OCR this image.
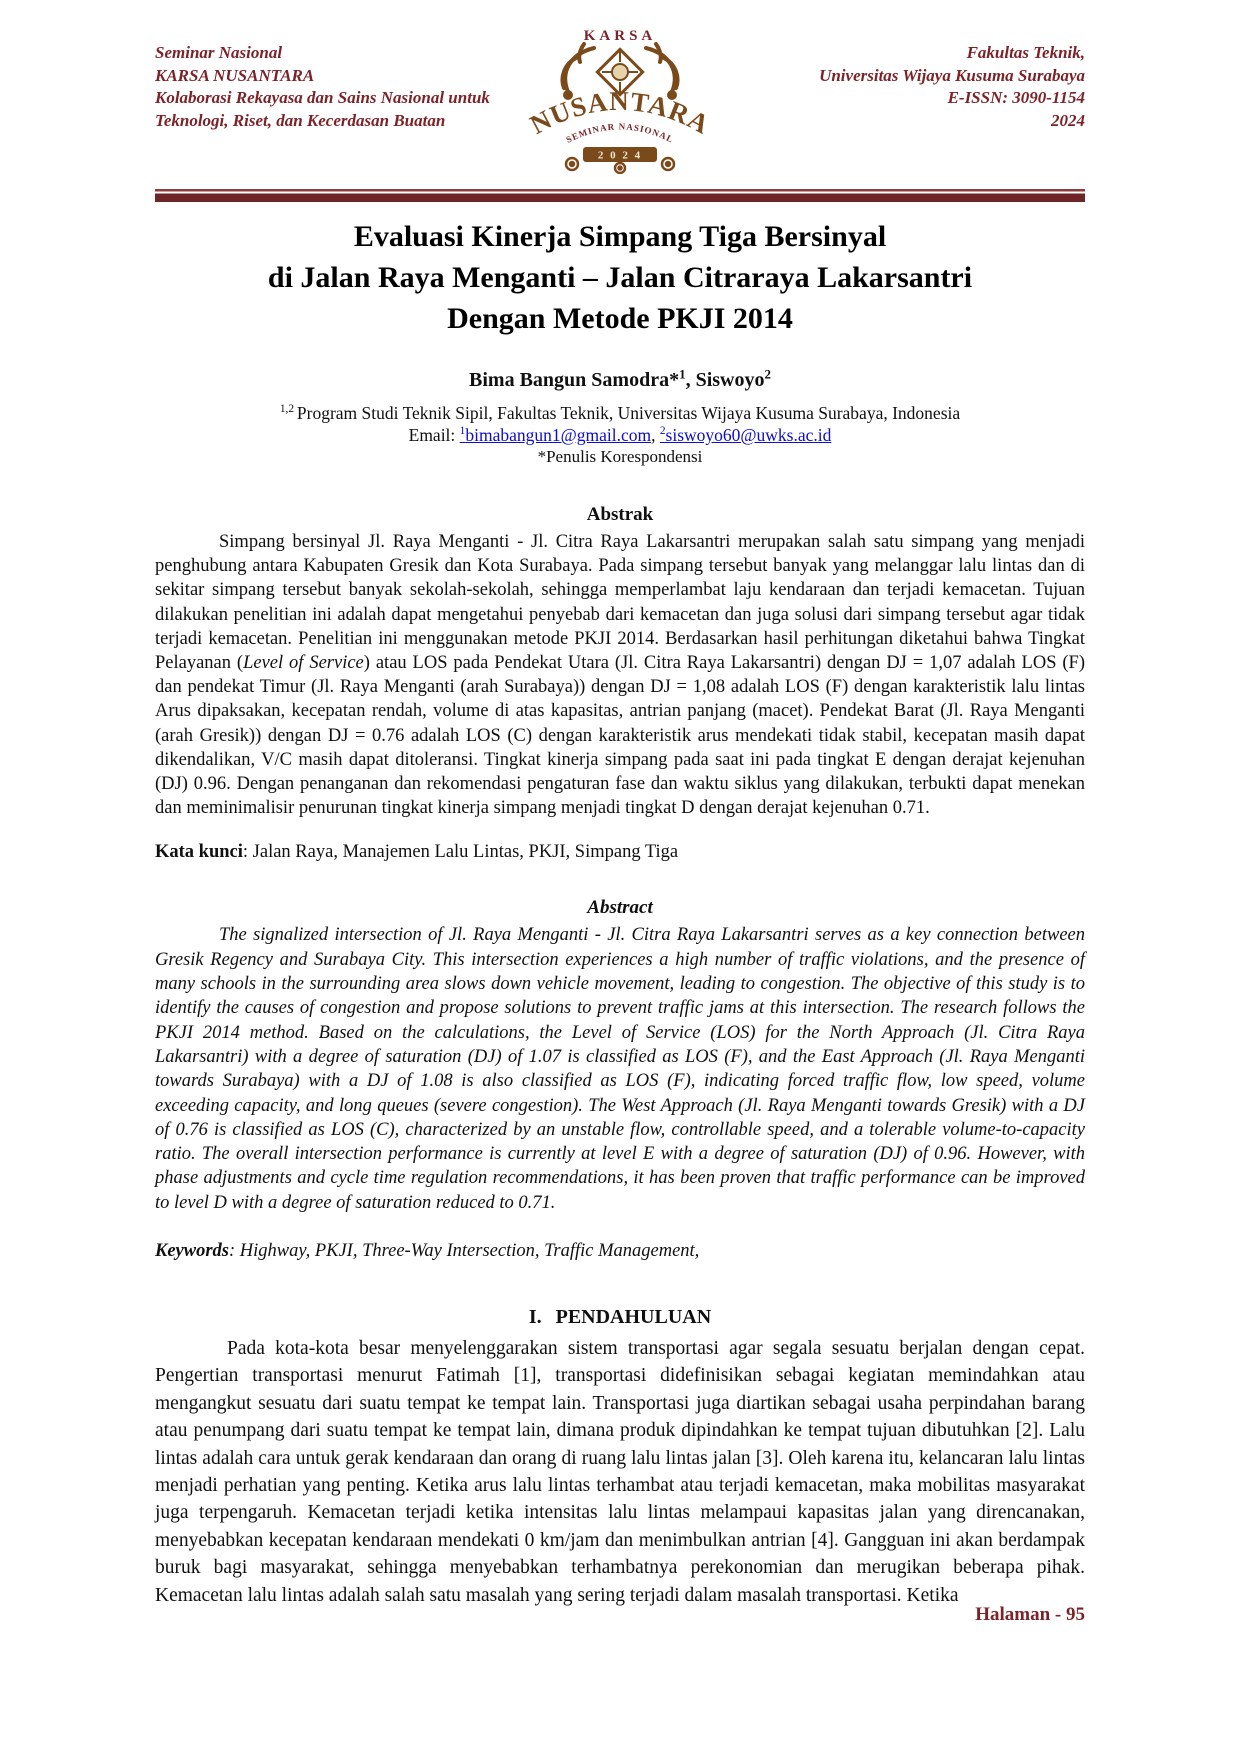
Seminar Nasional
KARSA NUSANTARA
Kolaborasi Rekayasa dan Sains Nasional untuk
Teknologi, Riset, dan Kecerdasan Buatan
KARSA
NUSANTARA
SEMINAR NASIONAL
2 0 2 4
Fakultas Teknik,
Universitas Wijaya Kusuma Surabaya
E-ISSN: 3090-1154
2024
Evaluasi Kinerja Simpang Tiga Bersinyal
di Jalan Raya Menganti – Jalan Citraraya Lakarsantri
Dengan Metode PKJI 2014
Bima Bangun Samodra*$^1$, Siswoyo$^2$
$^{1,2}$ Program Studi Teknik Sipil, Fakultas Teknik, Universitas Wijaya Kusuma Surabaya, Indonesia
Email: $^1$bimabangun1@gmail.com, $^2$siswoyo60@uwks.ac.id
*Penulis Korespondensi
Abstrak

Simpang bersinyal Jl. Raya Menganti - Jl. Citra Raya Lakarsantri merupakan salah satu simpang yang menjadi penghubung antara Kabupaten Gresik dan Kota Surabaya. Pada simpang tersebut banyak yang melanggar lalu lintas dan di sekitar simpang tersebut banyak sekolah-sekolah, sehingga memperlambat laju kendaraan dan terjadi kemacetan. Tujuan dilakukan penelitian ini adalah dapat mengetahui penyebab dari kemacetan dan juga solusi dari simpang tersebut agar tidak terjadi kemacetan. Penelitian ini menggunakan metode PKJI 2014. Berdasarkan hasil perhitungan diketahui bahwa Tingkat Pelayanan (Level of Service) atau LOS pada Pendekat Utara (Jl. Citra Raya Lakarsantri) dengan DJ = 1,07 adalah LOS (F) dan pendekat Timur (Jl. Raya Menganti (arah Surabaya)) dengan DJ = 1,08 adalah LOS (F) dengan karakteristik lalu lintas Arus dipaksakan, kecepatan rendah, volume di atas kapasitas, antrian panjang (macet). Pendekat Barat (Jl. Raya Menganti (arah Gresik)) dengan DJ = 0.76 adalah LOS (C) dengan karakteristik arus mendekati tidak stabil, kecepatan masih dapat dikendalikan, V/C masih dapat ditoleransi. Tingkat kinerja simpang pada saat ini pada tingkat E dengan derajat kejenuhan (DJ) 0.96. Dengan penanganan dan rekomendasi pengaturan fase dan waktu siklus yang dilakukan, terbukti dapat menekan dan meminimalisir penurunan tingkat kinerja simpang menjadi tingkat D dengan derajat kejenuhan 0.71.

Kata kunci: Jalan Raya, Manajemen Lalu Lintas, PKJI, Simpang Tiga
Abstract

The signalized intersection of Jl. Raya Menganti - Jl. Citra Raya Lakarsantri serves as a key connection between Gresik Regency and Surabaya City. This intersection experiences a high number of traffic violations, and the presence of many schools in the surrounding area slows down vehicle movement, leading to congestion. The objective of this study is to identify the causes of congestion and propose solutions to prevent traffic jams at this intersection. The research follows the PKJI 2014 method. Based on the calculations, the Level of Service (LOS) for the North Approach (Jl. Citra Raya Lakarsantri) with a degree of saturation (DJ) of 1.07 is classified as LOS (F), and the East Approach (Jl. Raya Menganti towards Surabaya) with a DJ of 1.08 is also classified as LOS (F), indicating forced traffic flow, low speed, volume exceeding capacity, and long queues (severe congestion). The West Approach (Jl. Raya Menganti towards Gresik) with a DJ of 0.76 is classified as LOS (C), characterized by an unstable flow, controllable speed, and a tolerable volume-to-capacity ratio. The overall intersection performance is currently at level E with a degree of saturation (DJ) of 0.96. However, with phase adjustments and cycle time regulation recommendations, it has been proven that traffic performance can be improved to level D with a degree of saturation reduced to 0.71.

Keywords: Highway, PKJI, Three-Way Intersection, Traffic Management,
I. PENDAHULUAN

Pada kota-kota besar menyelenggarakan sistem transportasi agar segala sesuatu berjalan dengan cepat. Pengertian transportasi menurut Fatimah [1], transportasi didefinisikan sebagai kegiatan memindahkan atau mengangkut sesuatu dari suatu tempat ke tempat lain. Transportasi juga diartikan sebagai usaha perpindahan barang atau penumpang dari suatu tempat ke tempat lain, dimana produk dipindahkan ke tempat tujuan dibutuhkan [2]. Lalu lintas adalah cara untuk gerak kendaraan dan orang di ruang lalu lintas jalan [3]. Oleh karena itu, kelancaran lalu lintas menjadi perhatian yang penting. Ketika arus lalu lintas terhambat atau terjadi kemacetan, maka mobilitas masyarakat juga terpengaruh. Kemacetan terjadi ketika intensitas lalu lintas melampaui kapasitas jalan yang direncanakan, menyebabkan kecepatan kendaraan mendekati 0 km/jam dan menimbulkan antrian [4]. Gangguan ini akan berdampak buruk bagi masyarakat, sehingga menyebabkan terhambatnya perekonomian dan merugikan beberapa pihak. Kemacetan lalu lintas adalah salah satu masalah yang sering terjadi dalam masalah transportasi. Ketika

Halaman - 95
